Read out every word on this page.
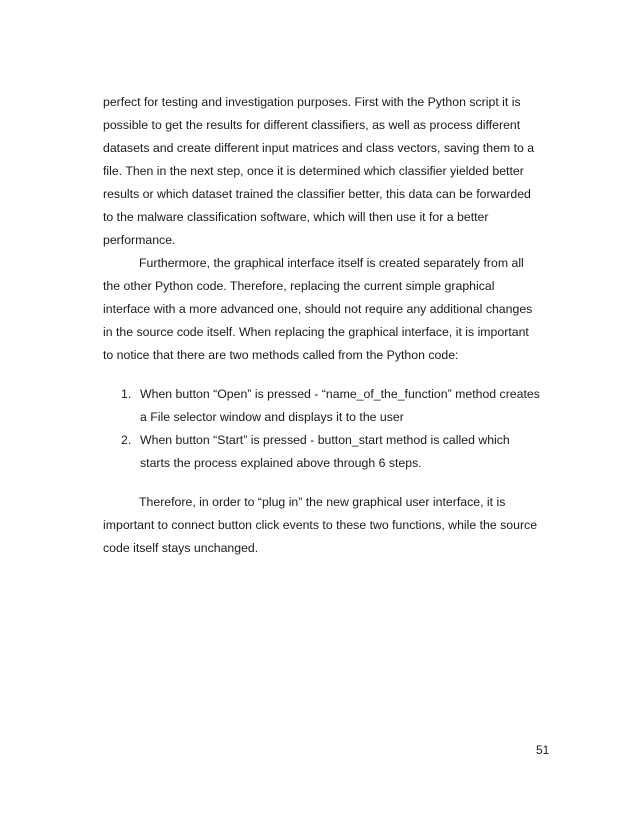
perfect for testing and investigation purposes. First with the Python script it is
possible to get the results for different classifiers, as well as process different
datasets and create different input matrices and class vectors, saving them to a
file. Then in the next step, once it is determined which classifier yielded better
results or which dataset trained the classifier better, this data can be forwarded
to the malware classification software, which will then use it for a better
performance.
Furthermore, the graphical interface itself is created separately from all
the other Python code. Therefore, replacing the current simple graphical
interface with a more advanced one, should not require any additional changes
in the source code itself. When replacing the graphical interface, it is important
to notice that there are two methods called from the Python code:
1. When button “Open” is pressed - “name_of_the_function” method creates
a File selector window and displays it to the user
2. When button “Start” is pressed - button_start method is called which
starts the process explained above through 6 steps.
Therefore, in order to “plug in” the new graphical user interface, it is
important to connect button click events to these two functions, while the source
code itself stays unchanged.
51
